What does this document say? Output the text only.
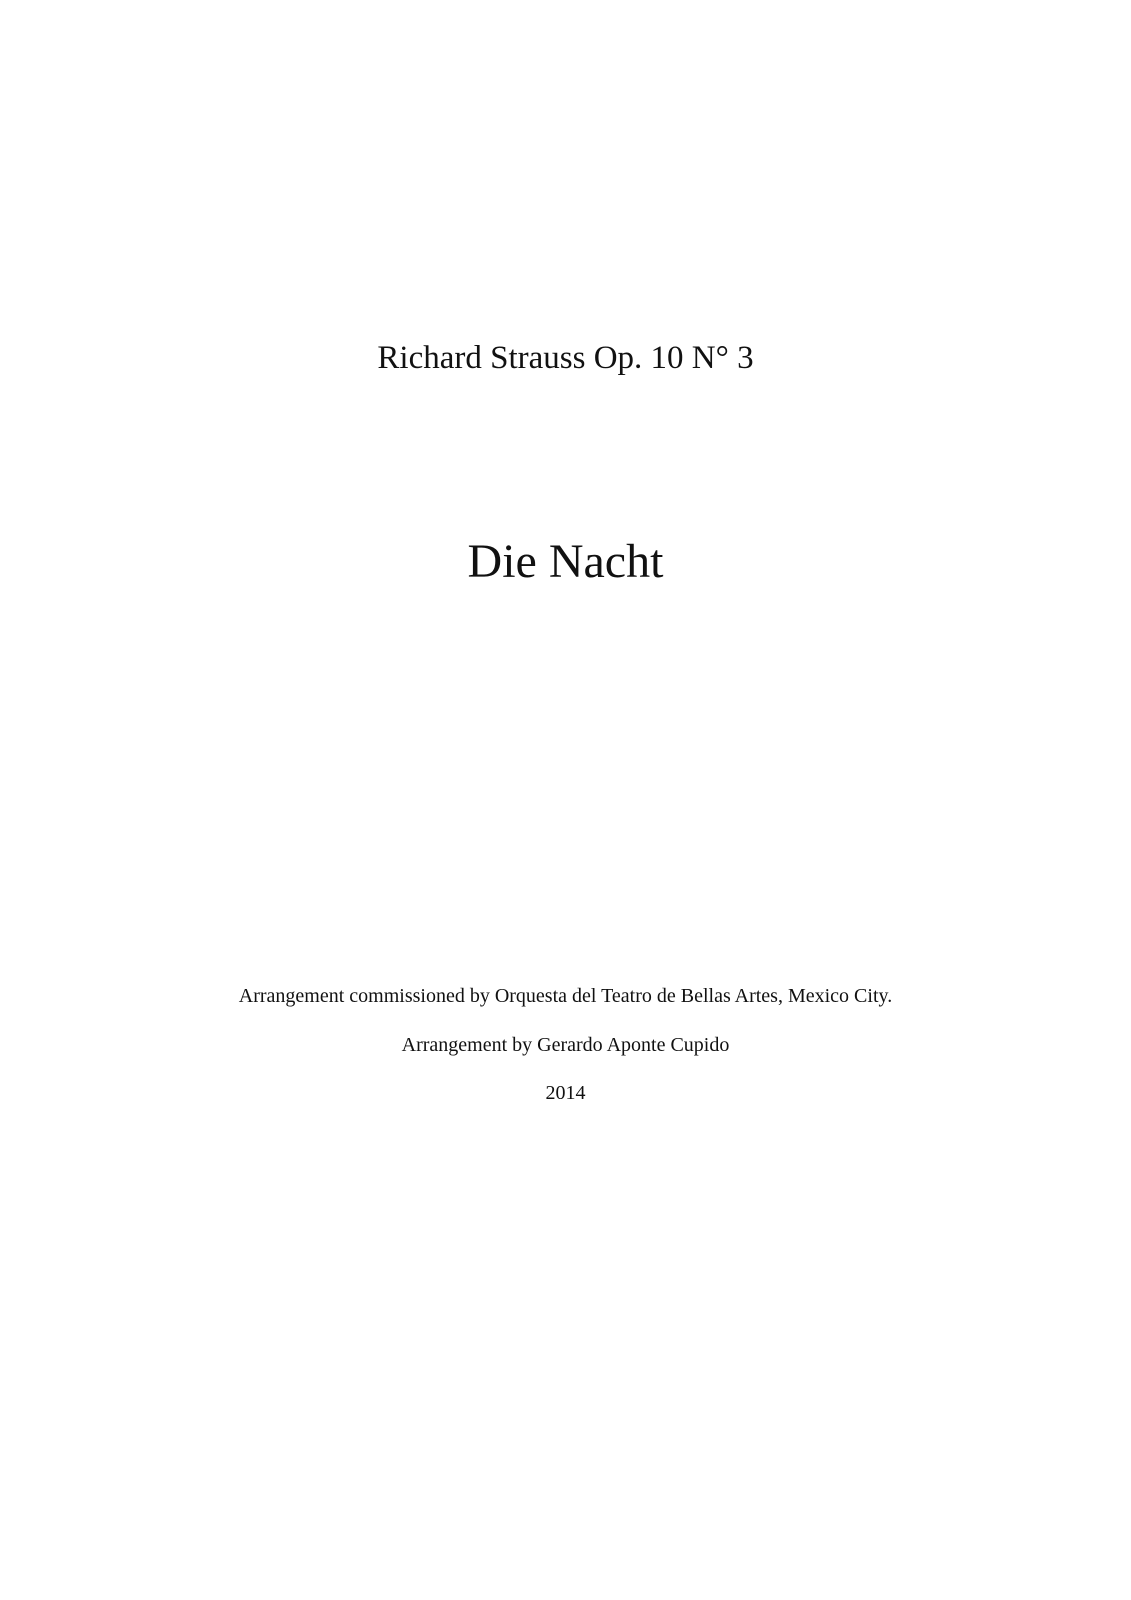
Richard Strauss Op. 10 N° 3
Die Nacht
Arrangement commissioned by Orquesta del Teatro de Bellas Artes, Mexico City.
Arrangement by Gerardo Aponte Cupido
2014
